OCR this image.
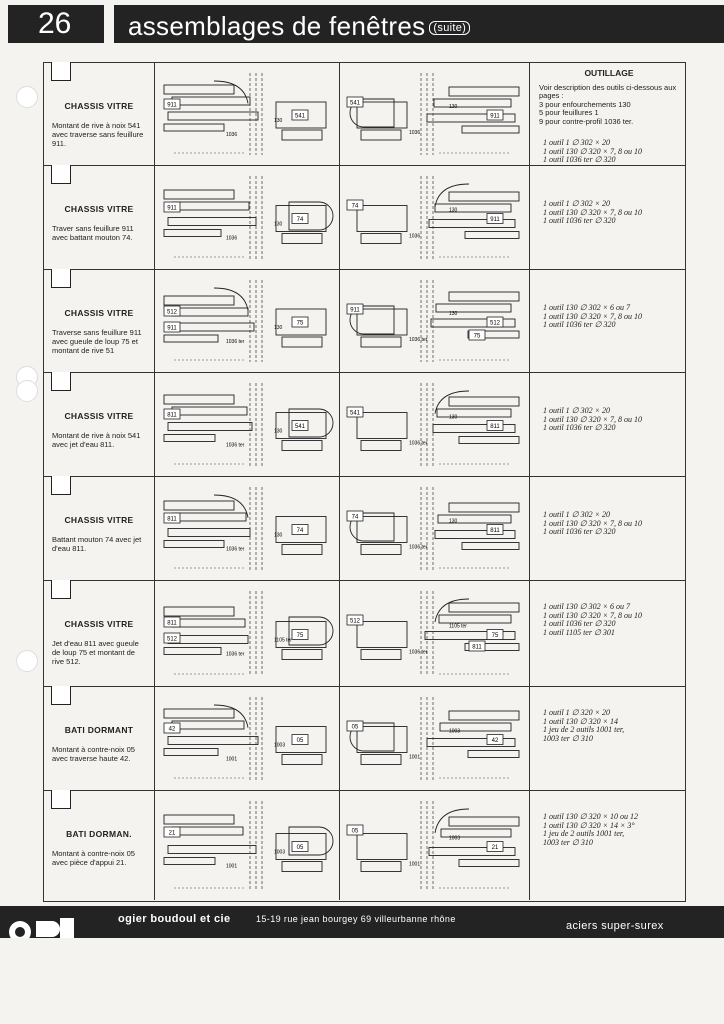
26	assemblages de fenêtres (suite)
CHASSIS VITRE
Montant de rive à noix 541 avec traverse sans feuillure 911.
911
541
1036
130
541
911
1036
130
OUTILLAGE
Voir description des outils ci-dessous aux pages :
3 pour enfourchements 130
5 pour feuillures 1
9 pour contre-profil 1036 ter.
1 outil 1 ∅ 302 × 20
1 outil 130 ∅ 320 × 7, 8 ou 10
1 outil 1036 ter ∅ 320
CHASSIS VITRE
Traver sans feuillure 911 avec battant mouton 74.
911
74
1036
130
74
911
1036
130
1 outil 1 ∅ 302 × 20
1 outil 130 ∅ 320 × 7, 8 ou 10
1 outil 1036 ter ∅ 320
CHASSIS VITRE
Traverse sans feuillure 911 avec gueule de loup 75 et montant de rive 51
512
75
911
1036 ter
130
911
512
75
1036 ter
130
1 outil 130 ∅ 302 × 6 ou 7
1 outil 130 ∅ 320 × 7, 8 ou 10
1 outil 1036 ter ∅ 320
CHASSIS VITRE
Montant de rive à noix 541 avec jet d'eau 811.
811
541
1036 ter
130
541
811
1036 ter
130
1 outil 1 ∅ 302 × 20
1 outil 130 ∅ 320 × 7, 8 ou 10
1 outil 1036 ter ∅ 320
CHASSIS VITRE
Battant mouton 74 avec jet d'eau 811.
811
74
1036 ter
130
74
811
1036 ter
130
1 outil 1 ∅ 302 × 20
1 outil 130 ∅ 320 × 7, 8 ou 10
1 outil 1036 ter ∅ 320
CHASSIS VITRE
Jet d'eau 811 avec gueule de loup 75 et montant de rive 512.
811
75
512
1036 ter
1105 ter
512
75
811
1036 ter
1105 ter
1 outil 130 ∅ 302 × 6 ou 7
1 outil 130 ∅ 320 × 7, 8 ou 10
1 outil 1036 ter ∅ 320
1 outil 1105 ter ∅ 301
BATI DORMANT
Montant à contre-noix 05 avec traverse haute 42.
42
05
1001
1003
05
42
1001
1003
1 outil 1 ∅ 320 × 20
1 outil 130 ∅ 320 × 14
1 jeu de 2 outils 1001 ter,
1003 ter ∅ 310
BATI DORMAN.
Montant à contre-noix 05 avec pièce d'appui 21.
21
05
1001
1003
05
21
1001
1003
1 outil 130 ∅ 320 × 10 ou 12
1 outil 130 ∅ 320 × 14 × 3°
1 jeu de 2 outils 1001 ter,
1003 ter ∅ 310
ogier boudoul et cie	15-19 rue jean bourgey 69 villeurbanne rhône
aciers super-surex
